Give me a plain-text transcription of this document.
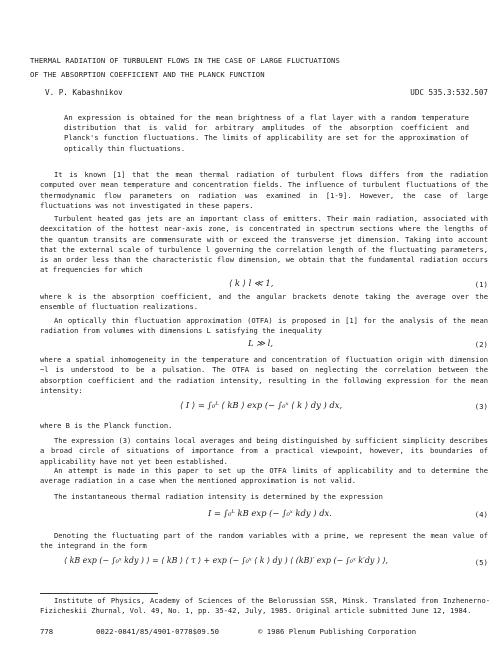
THERMAL RADIATION OF TURBULENT FLOWS IN THE CASE OF LARGE FLUCTUATIONS
OF THE ABSORPTION COEFFICIENT AND THE PLANCK FUNCTION
V. P. Kabashnikov	UDC 535.3:532.507
An expression is obtained for the mean brightness of a flat layer with a random temperature distribution that is valid for arbitrary amplitudes of the absorption coefficient and Planck's function fluctuations. The limits of applicability are set for the approximation of optically thin fluctuations.
It is known [1] that the mean thermal radiation of turbulent flows differs from the radiation computed over mean temperature and concentration fields. The influence of turbulent fluctuations of the thermodynamic flow parameters on radiation was examined in [1-9]. However, the case of large fluctuations was not investigated in these papers.
Turbulent heated gas jets are an important class of emitters. Their main radiation, associated with deexcitation of the hottest near-axis zone, is concentrated in spectrum sections where the lengths of the quantum transits are commensurate with or exceed the transverse jet dimension. Taking into account that the external scale of turbulence l governing the correlation length of the fluctuating parameters, is an order less than the characteristic flow dimension, we obtain that the fundamental radiation occurs at frequencies for which
⟨ k ⟩ l ≪ 1,	(1)
where k is the absorption coefficient, and the angular brackets denote taking the average over the ensemble of fluctuation realizations.
An optically thin fluctuation approximation (OTFA) is proposed in [1] for the analysis of the mean radiation from volumes with dimensions L satisfying the inequality
L ≫ l,	(2)
where a spatial inhomogeneity in the temperature and concentration of fluctuation origin with dimension ~l is understood to be a pulsation. The OTFA is based on neglecting the correlation between the absorption coefficient and the radiation intensity, resulting in the following expression for the mean intensity:
⟨ I ⟩ = ∫₀ᴸ ⟨ kB ⟩ exp (− ∫₀ˣ ⟨ k ⟩ dy ) dx,	(3)
where B is the Planck function.
The expression (3) contains local averages and being distinguished by sufficient simplicity describes a broad circle of situations of importance from a practical viewpoint, however, its boundaries of applicability have not yet been established.
An attempt is made in this paper to set up the OTFA limits of applicability and to determine the average radiation in a case when the mentioned approximation is not valid.
The instantaneous thermal radiation intensity is determined by the expression
I = ∫₀ᴸ kB exp (− ∫₀ˣ kdy ) dx.	(4)
Denoting the fluctuating part of the random variables with a prime, we represent the mean value of the integrand in the form
⟨ kB exp (− ∫₀ˣ kdy ) ⟩ = ⟨ kB ⟩ ⟨ τ ⟩ + exp (− ∫₀ˣ ⟨ k ⟩ dy ) ⟨ (kB)′ exp (− ∫₀ˣ k′dy ) ⟩,	(5)
Institute of Physics, Academy of Sciences of the Belorussian SSR, Minsk. Translated from Inzhenerno-Fizicheskii Zhurnal, Vol. 49, No. 1, pp. 35-42, July, 1985. Original article submitted June 12, 1984.
778	0022-0841/85/4901-0778$09.50	© 1986 Plenum Publishing Corporation
